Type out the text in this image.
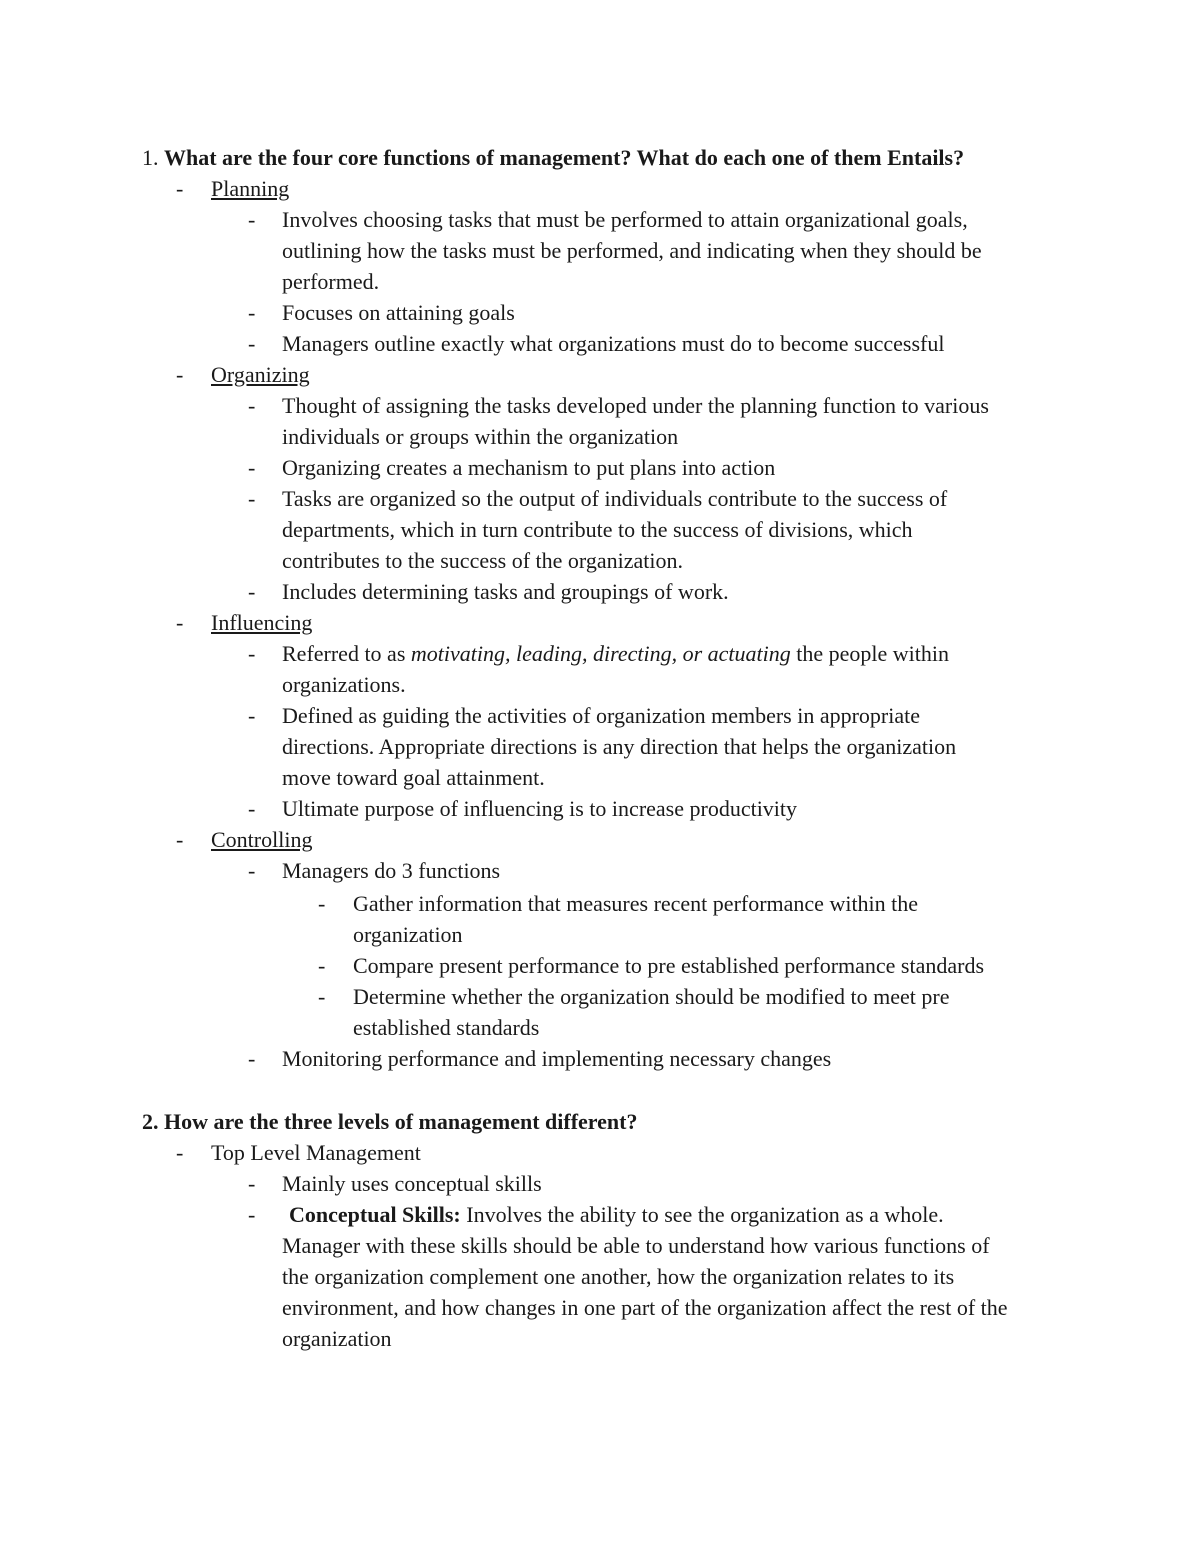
1. What are the four core functions of management? What do each one of them Entails?
- Planning
- Involves choosing tasks that must be performed to attain organizational goals,
outlining how the tasks must be performed, and indicating when they should be
performed.
- Focuses on attaining goals
- Managers outline exactly what organizations must do to become successful
- Organizing
- Thought of assigning the tasks developed under the planning function to various
individuals or groups within the organization
- Organizing creates a mechanism to put plans into action
- Tasks are organized so the output of individuals contribute to the success of
departments, which in turn contribute to the success of divisions, which
contributes to the success of the organization.
- Includes determining tasks and groupings of work.
- Influencing
- Referred to as motivating, leading, directing, or actuating the people within
organizations.
- Defined as guiding the activities of organization members in appropriate
directions. Appropriate directions is any direction that helps the organization
move toward goal attainment.
- Ultimate purpose of influencing is to increase productivity
- Controlling
- Managers do 3 functions
- Gather information that measures recent performance within the
organization
- Compare present performance to pre established performance standards
- Determine whether the organization should be modified to meet pre
established standards
- Monitoring performance and implementing necessary changes
2. How are the three levels of management different?
- Top Level Management
- Mainly uses conceptual skills
- Conceptual Skills: Involves the ability to see the organization as a whole.
Manager with these skills should be able to understand how various functions of
the organization complement one another, how the organization relates to its
environment, and how changes in one part of the organization affect the rest of the
organization
